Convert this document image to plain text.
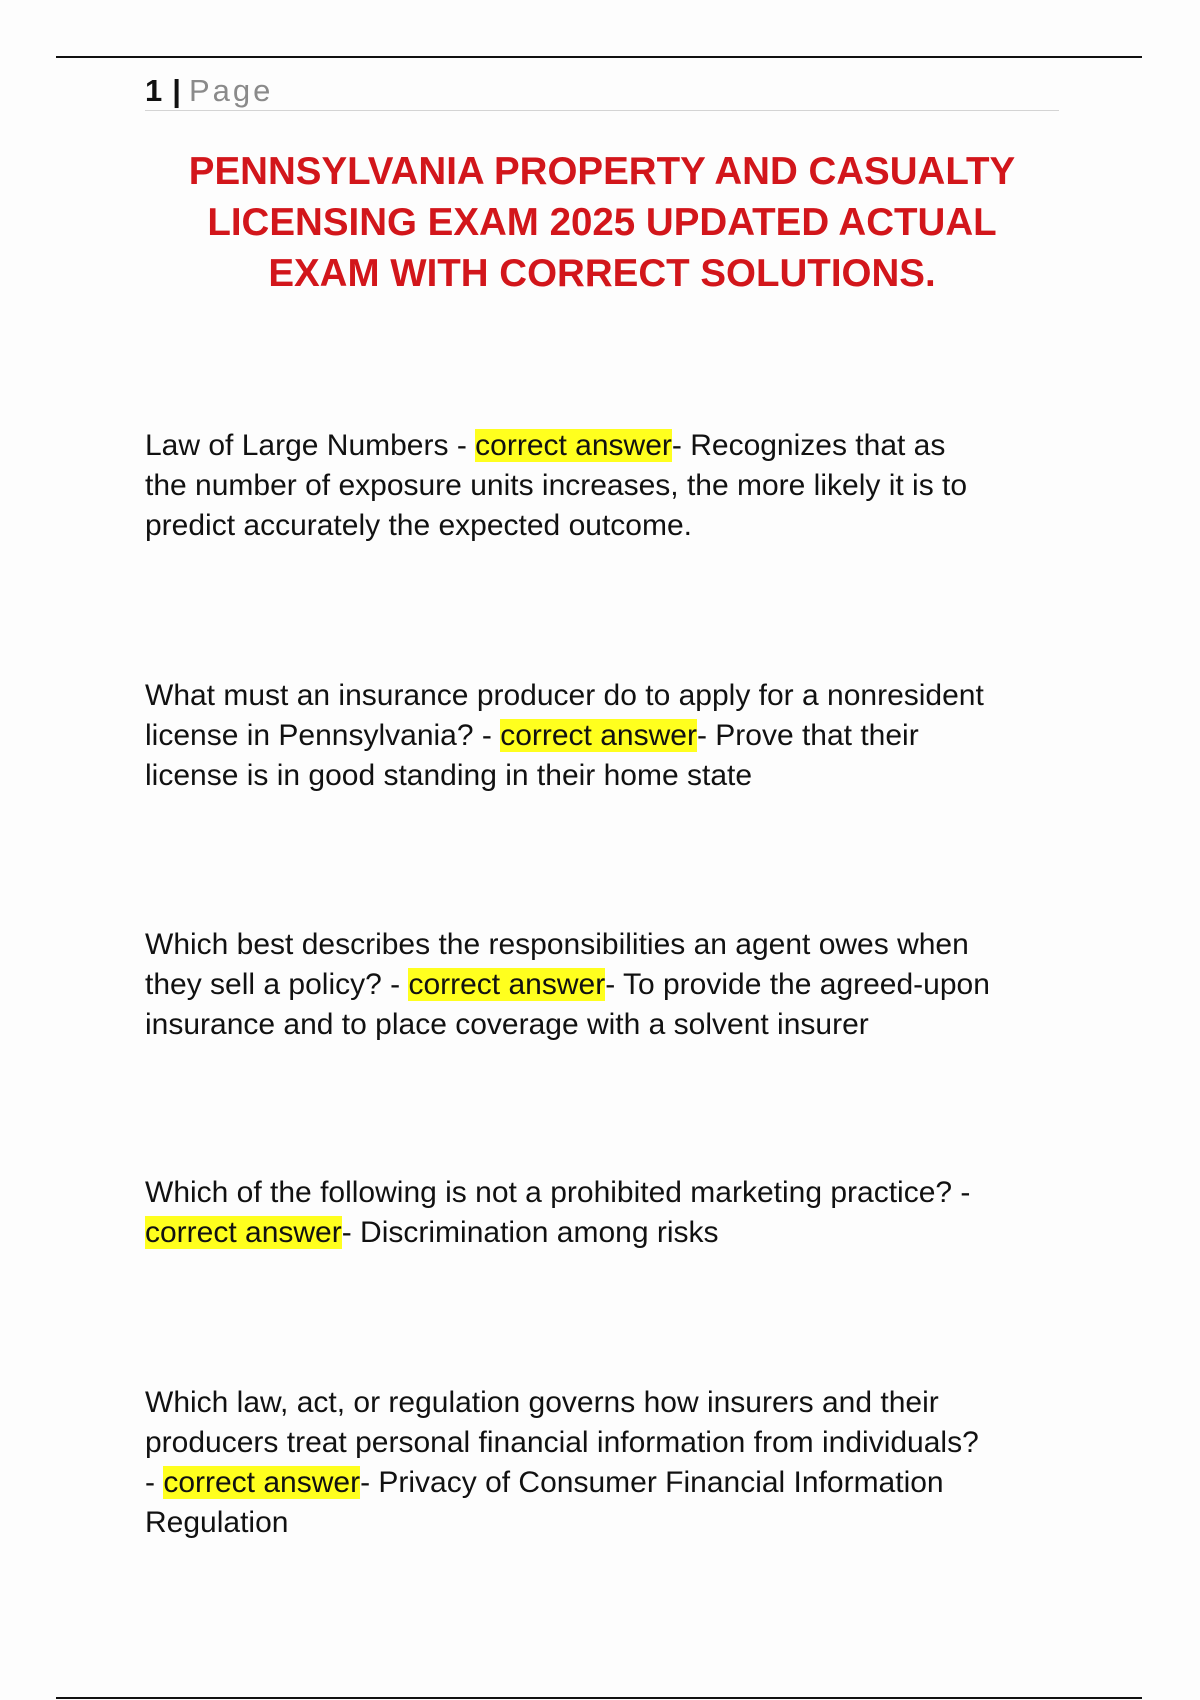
1 | Page
PENNSYLVANIA PROPERTY AND CASUALTY
LICENSING EXAM 2025 UPDATED ACTUAL
EXAM WITH CORRECT SOLUTIONS.

Law of Large Numbers - correct answer- Recognizes that as
the number of exposure units increases, the more likely it is to
predict accurately the expected outcome.

What must an insurance producer do to apply for a nonresident
license in Pennsylvania? - correct answer- Prove that their
license is in good standing in their home state

Which best describes the responsibilities an agent owes when
they sell a policy? - correct answer- To provide the agreed-upon
insurance and to place coverage with a solvent insurer

Which of the following is not a prohibited marketing practice? -
correct answer- Discrimination among risks

Which law, act, or regulation governs how insurers and their
producers treat personal financial information from individuals?
- correct answer- Privacy of Consumer Financial Information
Regulation
